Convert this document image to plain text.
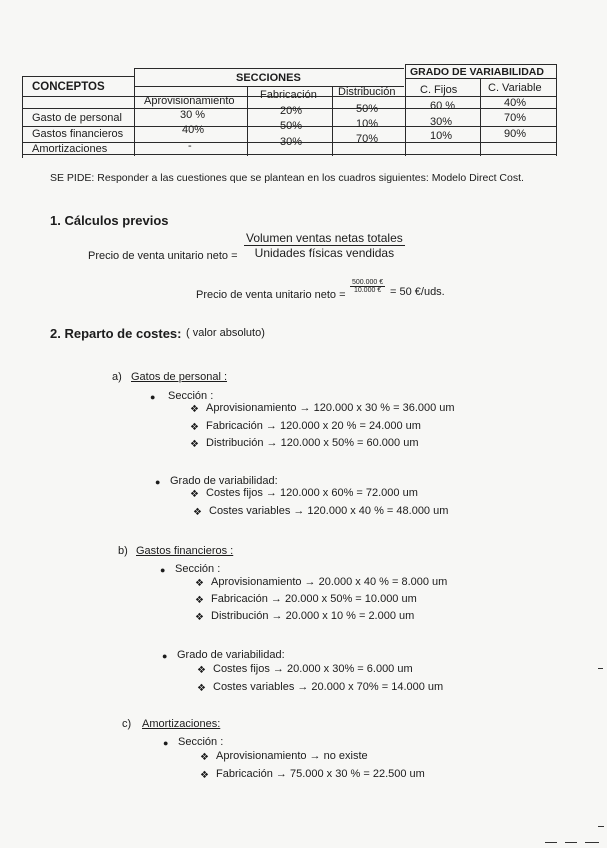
CONCEPTOS
SECCIONES	GRADO DE VARIABILIDAD
Aprovisionamiento Fabricación Distribución C. Fijos	C. Variable
Gasto de personal	30 %	20%	50%	60 %	40%
Gastos financieros	40%	50%	10%	30%	70%
Amortizaciones	-	30%	70%	10%	90%
SE PIDE: Responder a las cuestiones que se plantean en los cuadros siguientes: Modelo Direct Cost.
1. Cálculos previos
Precio de venta unitario neto =
Volumen ventas netas totales
Unidades físicas vendidas
Precio de venta unitario neto =
$\frac{500.000 €}{10.000 €} = 50$ €/uds.
2. Reparto de costes: ( valor absoluto)
a) Gatos de personal :
● Sección :
❖ Aprovisionamiento → 120.000 x 30 % = 36.000 um
❖ Fabricación → 120.000 x 20 % = 24.000 um
❖ Distribución → 120.000 x 50% = 60.000 um
● Grado de variabilidad:
❖ Costes fijos → 120.000 x 60% = 72.000 um
❖ Costes variables → 120.000 x 40 % = 48.000 um
b) Gastos financieros :
● Sección :
❖ Aprovisionamiento → 20.000 x 40 % = 8.000 um
❖ Fabricación → 20.000 x 50% = 10.000 um
❖ Distribución → 20.000 x 10 % = 2.000 um
● Grado de variabilidad:
❖ Costes fijos → 20.000 x 30% = 6.000 um
❖ Costes variables → 20.000 x 70% = 14.000 um
c) Amortizaciones:
● Sección :
❖ Aprovisionamiento → no existe
❖ Fabricación → 75.000 x 30 % = 22.500 um
